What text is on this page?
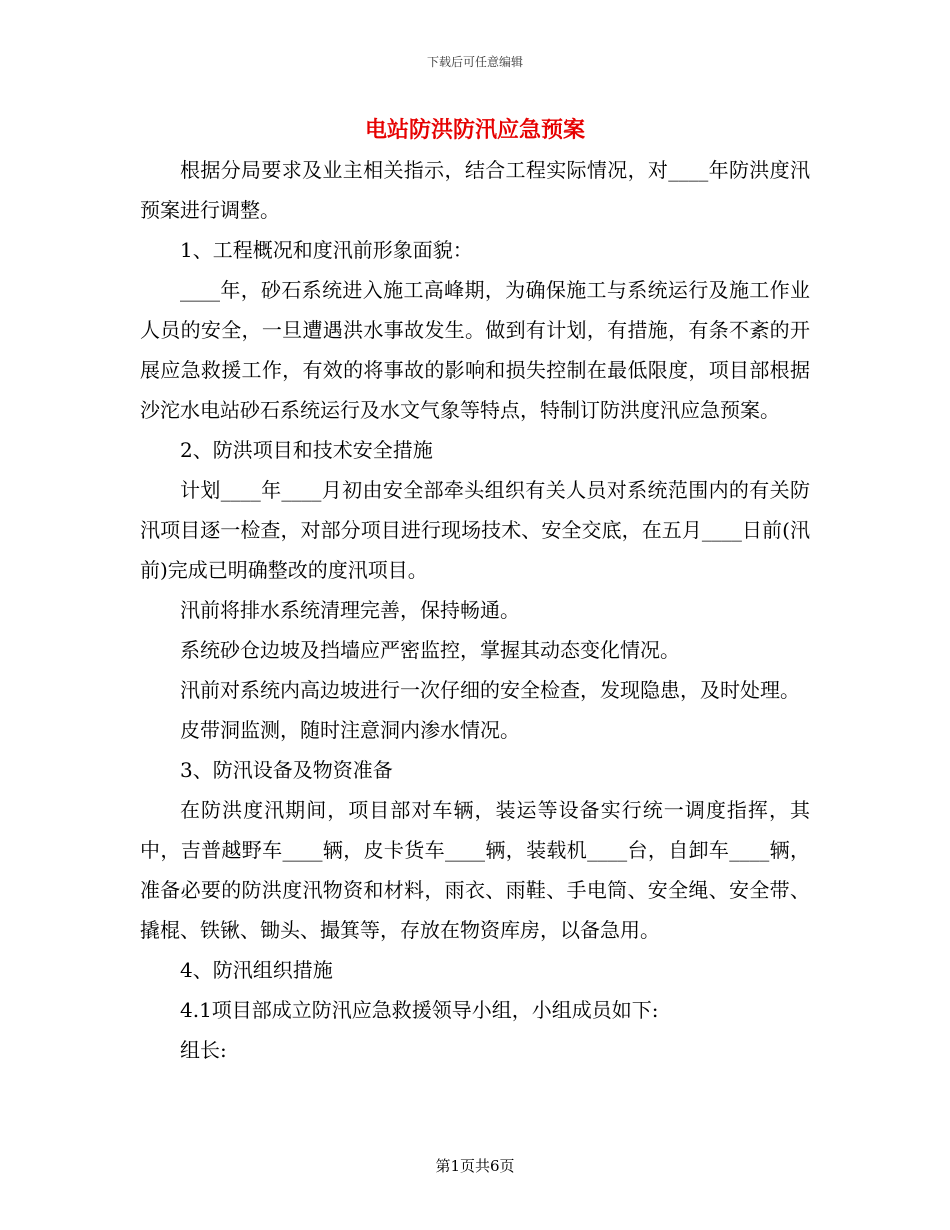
下载后可任意编辑
电站防洪防汛应急预案

根据分局要求及业主相关指示，结合工程实际情况，对____年防洪度汛预案进行调整。

1、工程概况和度汛前形象面貌：

____年，砂石系统进入施工高峰期，为确保施工与系统运行及施工作业人员的安全，一旦遭遇洪水事故发生。做到有计划，有措施，有条不紊的开展应急救援工作，有效的将事故的影响和损失控制在最低限度，项目部根据沙沱水电站砂石系统运行及水文气象等特点，特制订防洪度汛应急预案。

2、防洪项目和技术安全措施

计划____年____月初由安全部牵头组织有关人员对系统范围内的有关防汛项目逐一检查，对部分项目进行现场技术、安全交底，在五月____日前(汛前)完成已明确整改的度汛项目。

汛前将排水系统清理完善，保持畅通。

系统砂仓边坡及挡墙应严密监控，掌握其动态变化情况。

汛前对系统内高边坡进行一次仔细的安全检查，发现隐患，及时处理。

皮带洞监测，随时注意洞内渗水情况。

3、防汛设备及物资准备

在防洪度汛期间，项目部对车辆，装运等设备实行统一调度指挥，其中，吉普越野车____辆，皮卡货车____辆，装载机____台，自卸车____辆，准备必要的防洪度汛物资和材料，雨衣、雨鞋、手电筒、安全绳、安全带、撬棍、铁锹、锄头、撮箕等，存放在物资库房，以备急用。

4、防汛组织措施

4.1项目部成立防汛应急救援领导小组，小组成员如下:

组长:

第1页共6页
